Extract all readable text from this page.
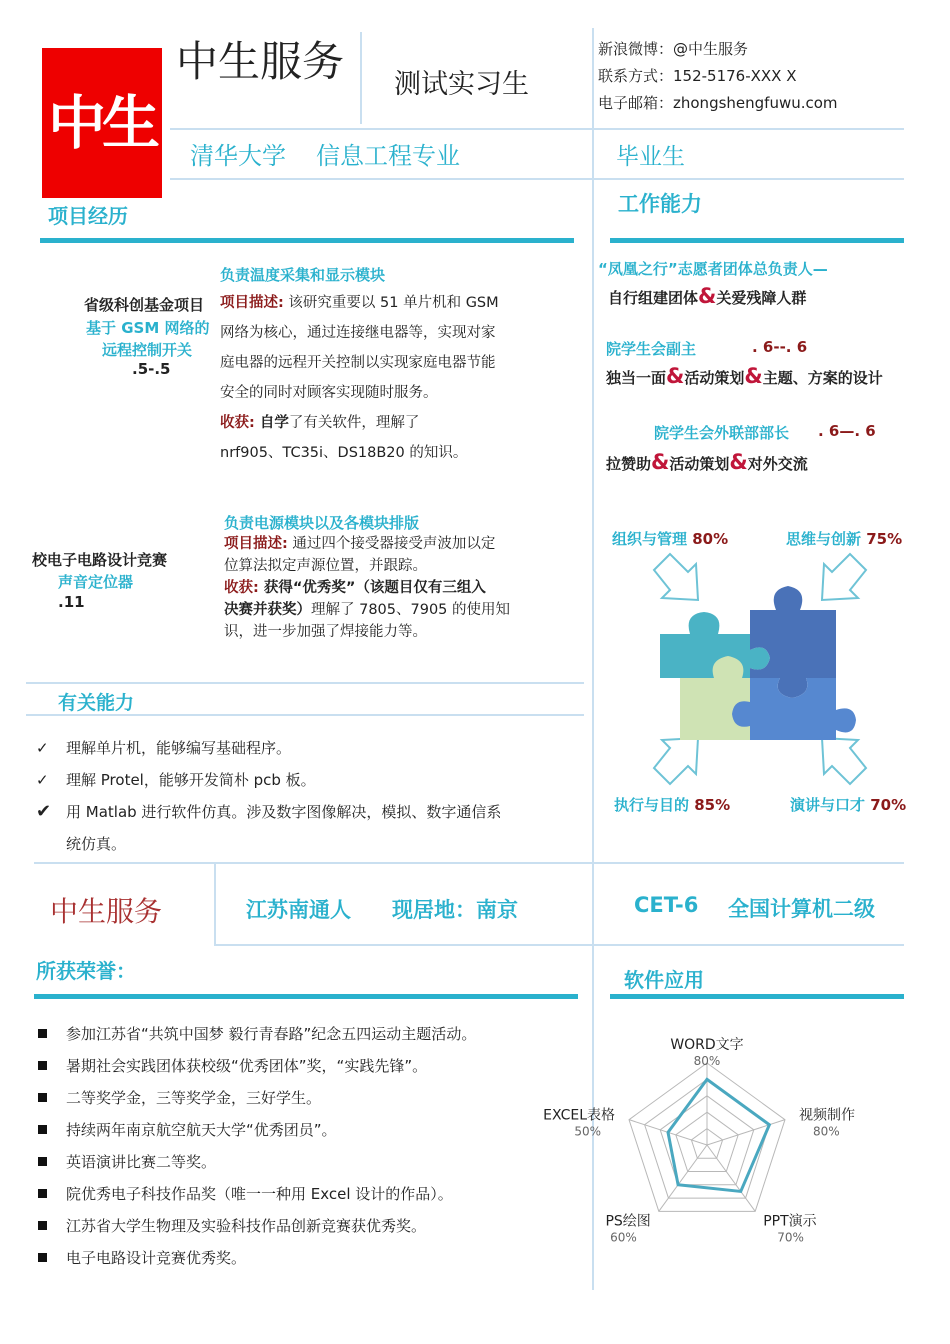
中生
中生服务 测试实习生
新浪微博：@中生服务
联系方式：152-5176-XXX X
电子邮箱：zhongshengfuwu.com
清华大学 信息工程专业	毕业生
项目经历
负责温度采集和显示模块
省级科创基金项目
基于 GSM 网络的
远程控制开关
.5-.5
项目描述: 该研究重要以 51 单片机和 GSM
网络为核心，通过连接继电器等，实现对家
庭电器的远程开关控制以实现家庭电器节能
安全的同时对顾客实现随时服务。
收获: 自学了有关软件，理解了
nrf905、TC35i、DS18B20 的知识。
负责电源模块以及各模块排版
校电子电路设计竞赛
声音定位器
.11
项目描述: 通过四个接受器接受声波加以定
位算法拟定声源位置，并跟踪。
收获: 获得“优秀奖”（该题目仅有三组入
决赛并获奖）理解了 7805、7905 的使用知
识，进一步加强了焊接能力等。
有关能力
✓ 理解单片机，能够编写基础程序。
✓ 理解 Protel，能够开发简朴 pcb 板。
✔ 用 Matlab 进行软件仿真。涉及数字图像解决，模拟、数字通信系
统仿真。
工作能力
“凤凰之行”志愿者团体总负责人—
自行组建团体&关爱残障人群
院学生会副主	. 6--. 6
独当一面&活动策划&主题、方案的设计
院学生会外联部部长 . 6—. 6
拉赞助&活动策划&对外交流
组织与管理 80%	思维与创新 75%
执行与目的 85%	演讲与口才 70%
中生服务	江苏南通人 现居地：南京	CET-6 全国计算机二级
所获荣誉：
参加江苏省“共筑中国梦 毅行青春路”纪念五四运动主题活动。
暑期社会实践团体获校级“优秀团体”奖，“实践先锋”。
二等奖学金，三等奖学金，三好学生。
持续两年南京航空航天大学“优秀团员”。
英语演讲比赛二等奖。
院优秀电子科技作品奖（唯一一种用 Excel 设计的作品）。
江苏省大学生物理及实验科技作品创新竞赛获优秀奖。
电子电路设计竞赛优秀奖。
软件应用
WORD文字
80%
视频制作
80%
PPT演示
70%
PS绘图
60%
EXCEL表格
50%
